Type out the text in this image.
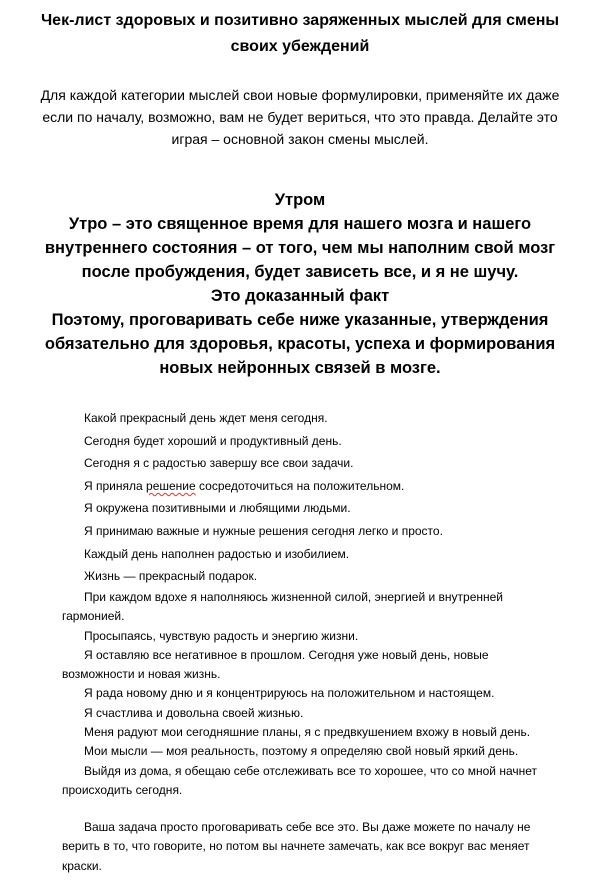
Чек-лист здоровых и позитивно заряженных мыслей для смены своих убеждений
Для каждой категории мыслей свои новые формулировки, применяйте их даже если по началу, возможно, вам не будет вериться, что это правда. Делайте это играя – основной закон смены мыслей.

Утром

Утро – это священное время для нашего мозга и нашего внутреннего состояния – от того, чем мы наполним свой мозг после пробуждения, будет зависеть все, и я не шучу.

Это доказанный факт

Поэтому, проговаривать себе ниже указанные, утверждения обязательно для здоровья, красоты, успеха и формирования новых нейронных связей в мозге.

Какой прекрасный день ждет меня сегодня.

Сегодня будет хороший и продуктивный день.

Сегодня я с радостью завершу все свои задачи.

Я приняла решение сосредоточиться на положительном.

Я окружена позитивными и любящими людьми.

Я принимаю важные и нужные решения сегодня легко и просто.

Каждый день наполнен радостью и изобилием.

Жизнь — прекрасный подарок.

При каждом вдохе я наполняюсь жизненной силой, энергией и внутренней гармонией.

Просыпаясь, чувствую радость и энергию жизни.

Я оставляю все негативное в прошлом. Сегодня уже новый день, новые возможности и новая жизнь.

Я рада новому дню и я концентрируюсь на положительном и настоящем.

Я счастлива и довольна своей жизнью.

Меня радуют мои сегодняшние планы, я с предвкушением вхожу в новый день.

Мои мысли — моя реальность, поэтому я определяю свой новый яркий день.

Выйдя из дома, я обещаю себе отслеживать все то хорошее, что со мной начнет происходить сегодня.

Ваша задача просто проговаривать себе все это. Вы даже можете по началу не верить в то, что говорите, но потом вы начнете замечать, как все вокруг вас меняет краски.
